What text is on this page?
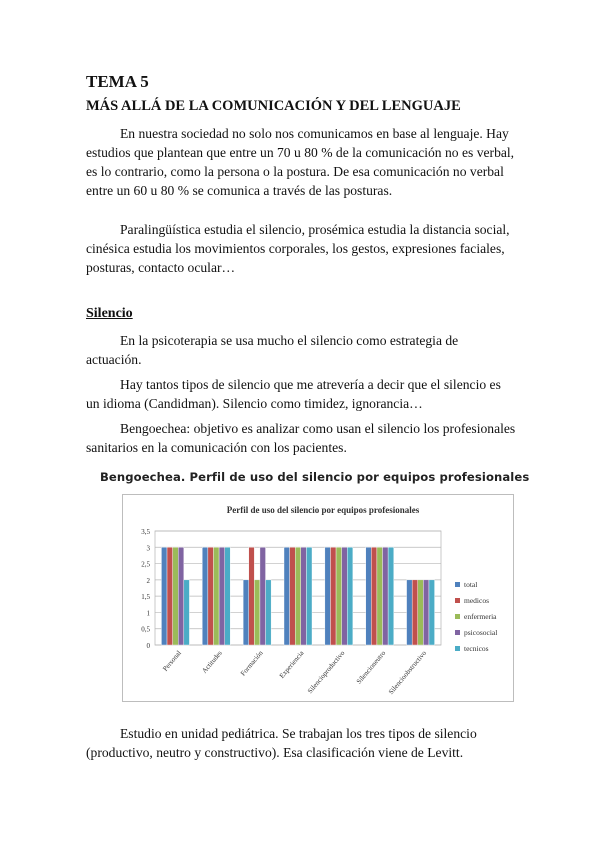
TEMA 5
MÁS ALLÁ DE LA COMUNICACIÓN Y DEL LENGUAJE

En nuestra sociedad no solo nos comunicamos en base al lenguaje. Hay estudios que plantean que entre un 70 u 80 % de la comunicación no es verbal, es lo contrario, como la persona o la postura. De esa comunicación no verbal entre un 60 u 80 % se comunica a través de las posturas.

Paralingüística estudia el silencio, prosémica estudia la distancia social, cinésica estudia los movimientos corporales, los gestos, expresiones faciales, posturas, contacto ocular…

Silencio

En la psicoterapia se usa mucho el silencio como estrategia de actuación.

Hay tantos tipos de silencio que me atrevería a decir que el silencio es un idioma (Candidman). Silencio como timidez, ignorancia…

Bengoechea: objetivo es analizar como usan el silencio los profesionales sanitarios en la comunicación con los pacientes.

Bengoechea. Perfil de uso del silencio por equipos profesionales
Perfil de uso del silencio por equipos profesionales
0
0,5
1
1,5
2
2,5
3
3,5
Personal Actitudes Formación Experiencia Silencioproductivo Silencioneutro Silencioobstructivo
total
medicos
enfermeria
psicosocial
tecnicos

Estudio en unidad pediátrica. Se trabajan los tres tipos de silencio (productivo, neutro y constructivo). Esa clasificación viene de Levitt.
